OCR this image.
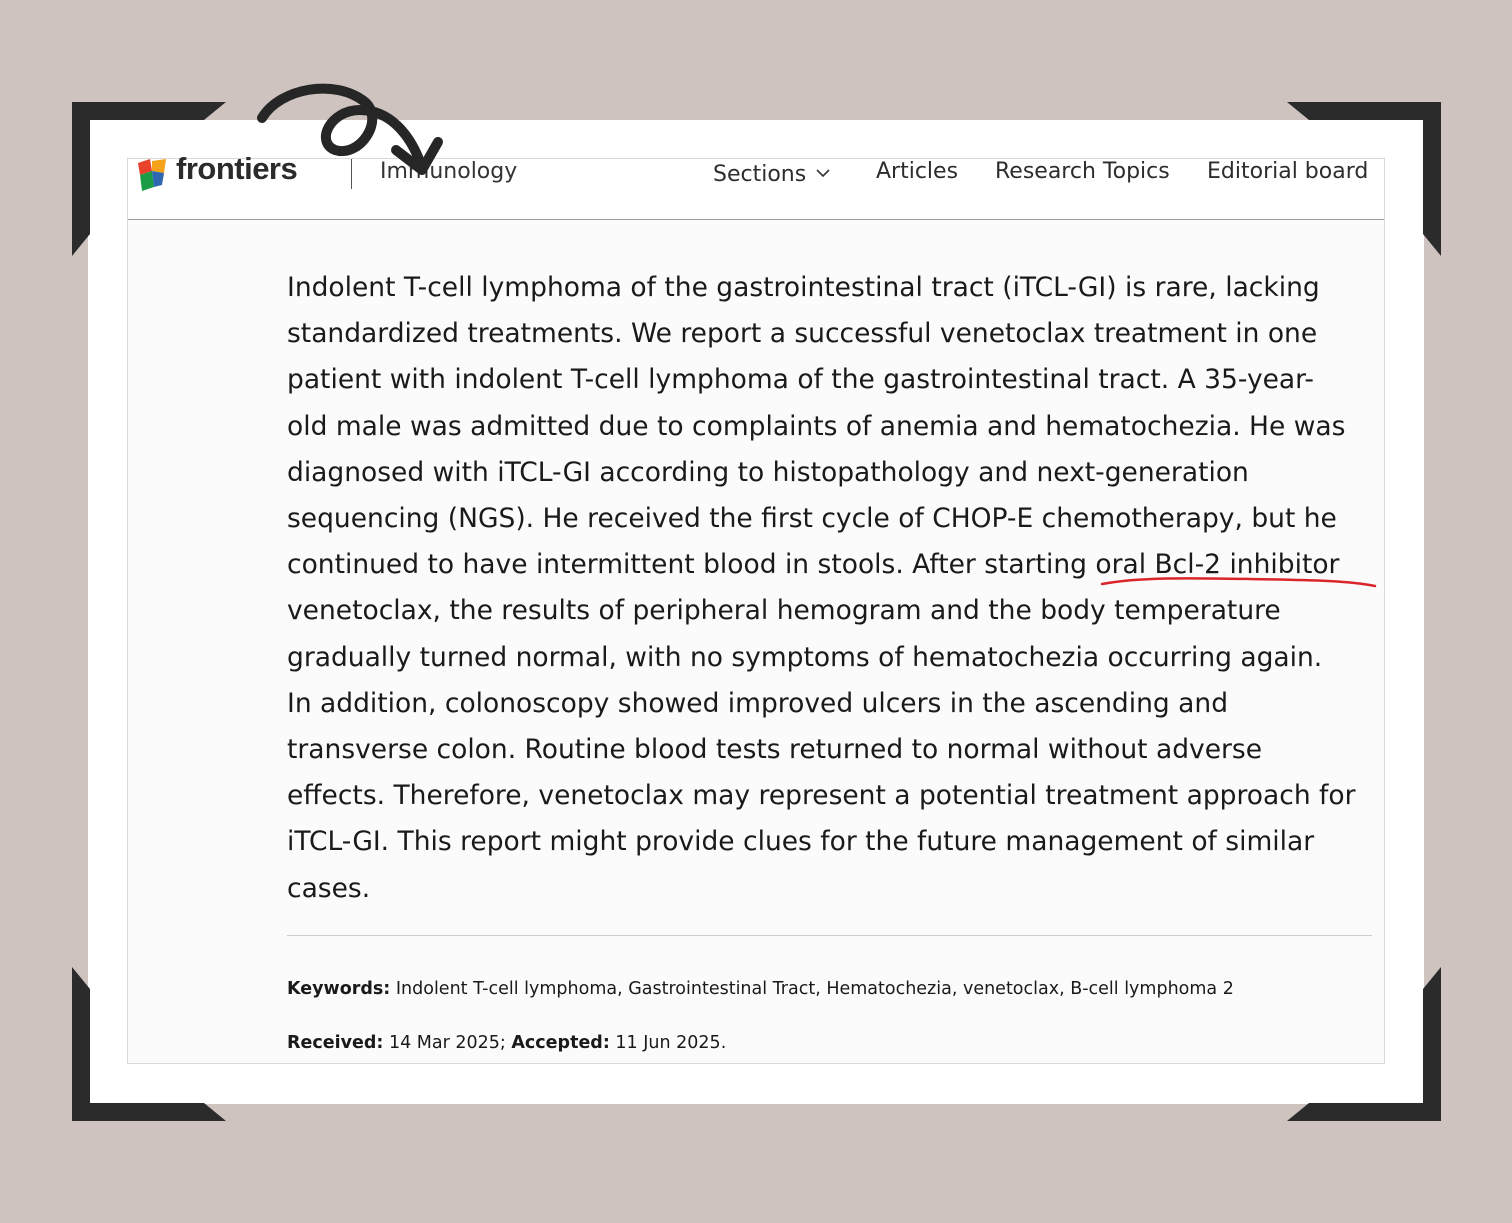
frontiers	Immunology	Sections	Articles Research Topics Editorial board
Indolent T-cell lymphoma of the gastrointestinal tract (iTCL-GI) is rare, lacking
standardized treatments. We report a successful venetoclax treatment in one
patient with indolent T-cell lymphoma of the gastrointestinal tract. A 35-year-
old male was admitted due to complaints of anemia and hematochezia. He was
diagnosed with iTCL-GI according to histopathology and next-generation
sequencing (NGS). He received the first cycle of CHOP-E chemotherapy, but he
continued to have intermittent blood in stools. After starting oral Bcl-2 inhibitor
venetoclax, the results of peripheral hemogram and the body temperature
gradually turned normal, with no symptoms of hematochezia occurring again.
In addition, colonoscopy showed improved ulcers in the ascending and
transverse colon. Routine blood tests returned to normal without adverse
effects. Therefore, venetoclax may represent a potential treatment approach for
iTCL-GI. This report might provide clues for the future management of similar
cases.

Keywords: Indolent T-cell lymphoma, Gastrointestinal Tract, Hematochezia, venetoclax, B-cell lymphoma 2

Received: 14 Mar 2025; Accepted: 11 Jun 2025.
